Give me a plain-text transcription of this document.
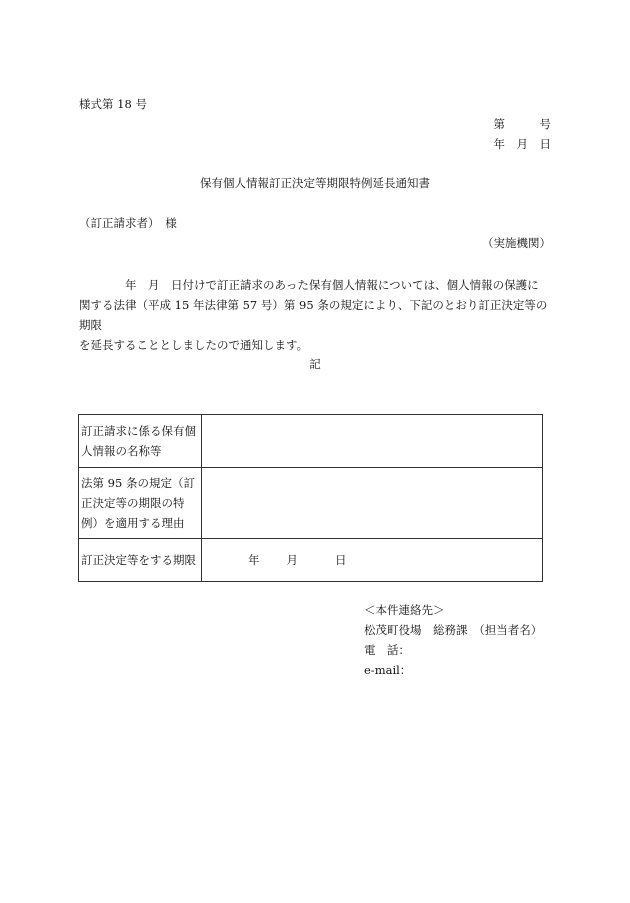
様式第 18 号
第　　　号
年　月　日
保有個人情報訂正決定等期限特例延長通知書
（訂正請求者）　様
（実施機関）

年　月　日付けで訂正請求のあった保有個人情報については、個人情報の保護に

関する法律（平成 15 年法律第 57 号）第 95 条の規定により、下記のとおり訂正決定等の期限

を延長することとしましたので通知します。

記
訂正請求に係る保有個人情報の名称等	
法第 95 条の規定（訂正決定等の期限の特例）を適用する理由	
訂正決定等をする期限	年 月 日
＜本件連絡先＞
松茂町役場　総務課　（担当者名）
電　話：
e-mail：
